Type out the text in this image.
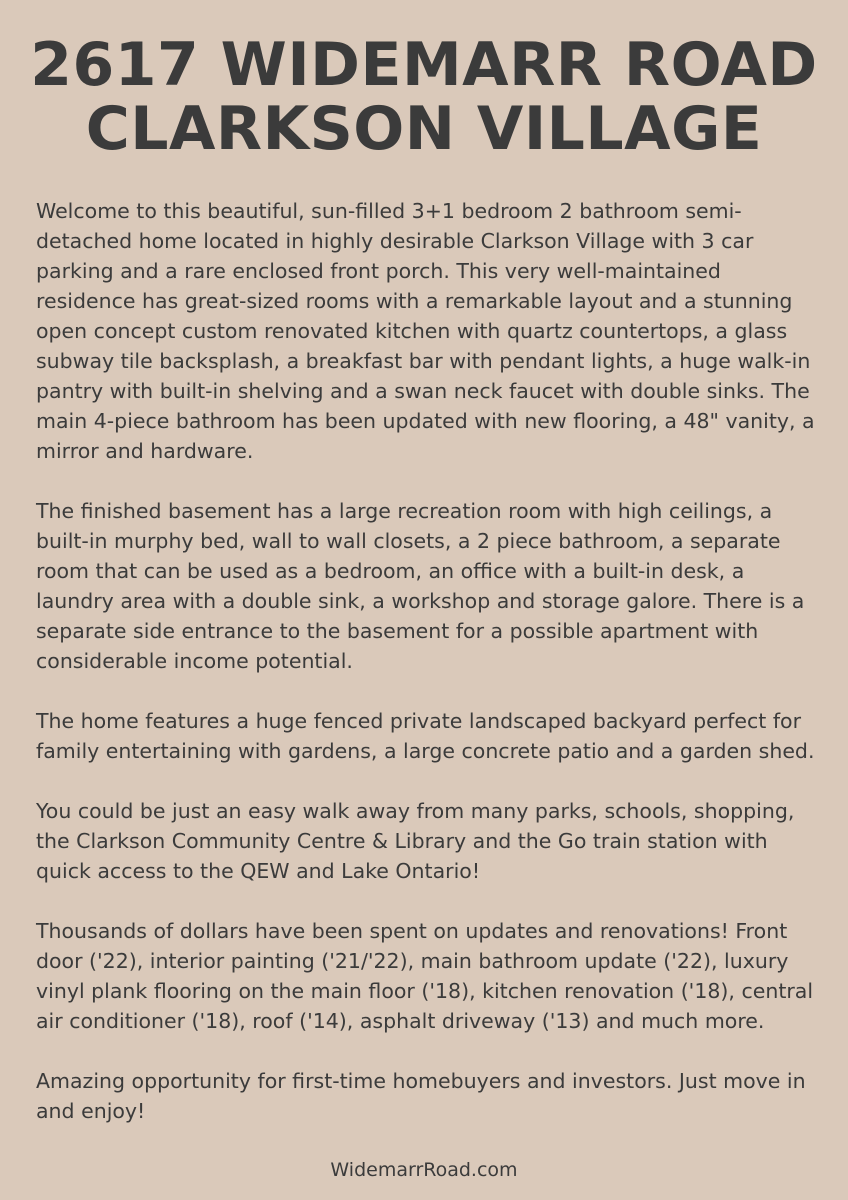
2617 WIDEMARR ROAD
CLARKSON VILLAGE

Welcome to this beautiful, sun-filled 3+1 bedroom 2 bathroom semi-detached home located in highly desirable Clarkson Village with 3 car parking and a rare enclosed front porch. This very well-maintained residence has great-sized rooms with a remarkable layout and a stunning open concept custom renovated kitchen with quartz countertops, a glass subway tile backsplash, a breakfast bar with pendant lights, a huge walk-in pantry with built-in shelving and a swan neck faucet with double sinks. The main 4-piece bathroom has been updated with new flooring, a 48" vanity, a mirror and hardware.

The finished basement has a large recreation room with high ceilings, a built-in murphy bed, wall to wall closets, a 2 piece bathroom, a separate room that can be used as a bedroom, an office with a built-in desk, a laundry area with a double sink, a workshop and storage galore. There is a separate side entrance to the basement for a possible apartment with considerable income potential.

The home features a huge fenced private landscaped backyard perfect for family entertaining with gardens, a large concrete patio and a garden shed.

You could be just an easy walk away from many parks, schools, shopping, the Clarkson Community Centre & Library and the Go train station with quick access to the QEW and Lake Ontario!

Thousands of dollars have been spent on updates and renovations! Front door ('22), interior painting ('21/'22), main bathroom update ('22), luxury vinyl plank flooring on the main floor ('18), kitchen renovation ('18), central air conditioner ('18), roof ('14), asphalt driveway ('13) and much more.

Amazing opportunity for first-time homebuyers and investors. Just move in and enjoy!

WidemarrRoad.com
